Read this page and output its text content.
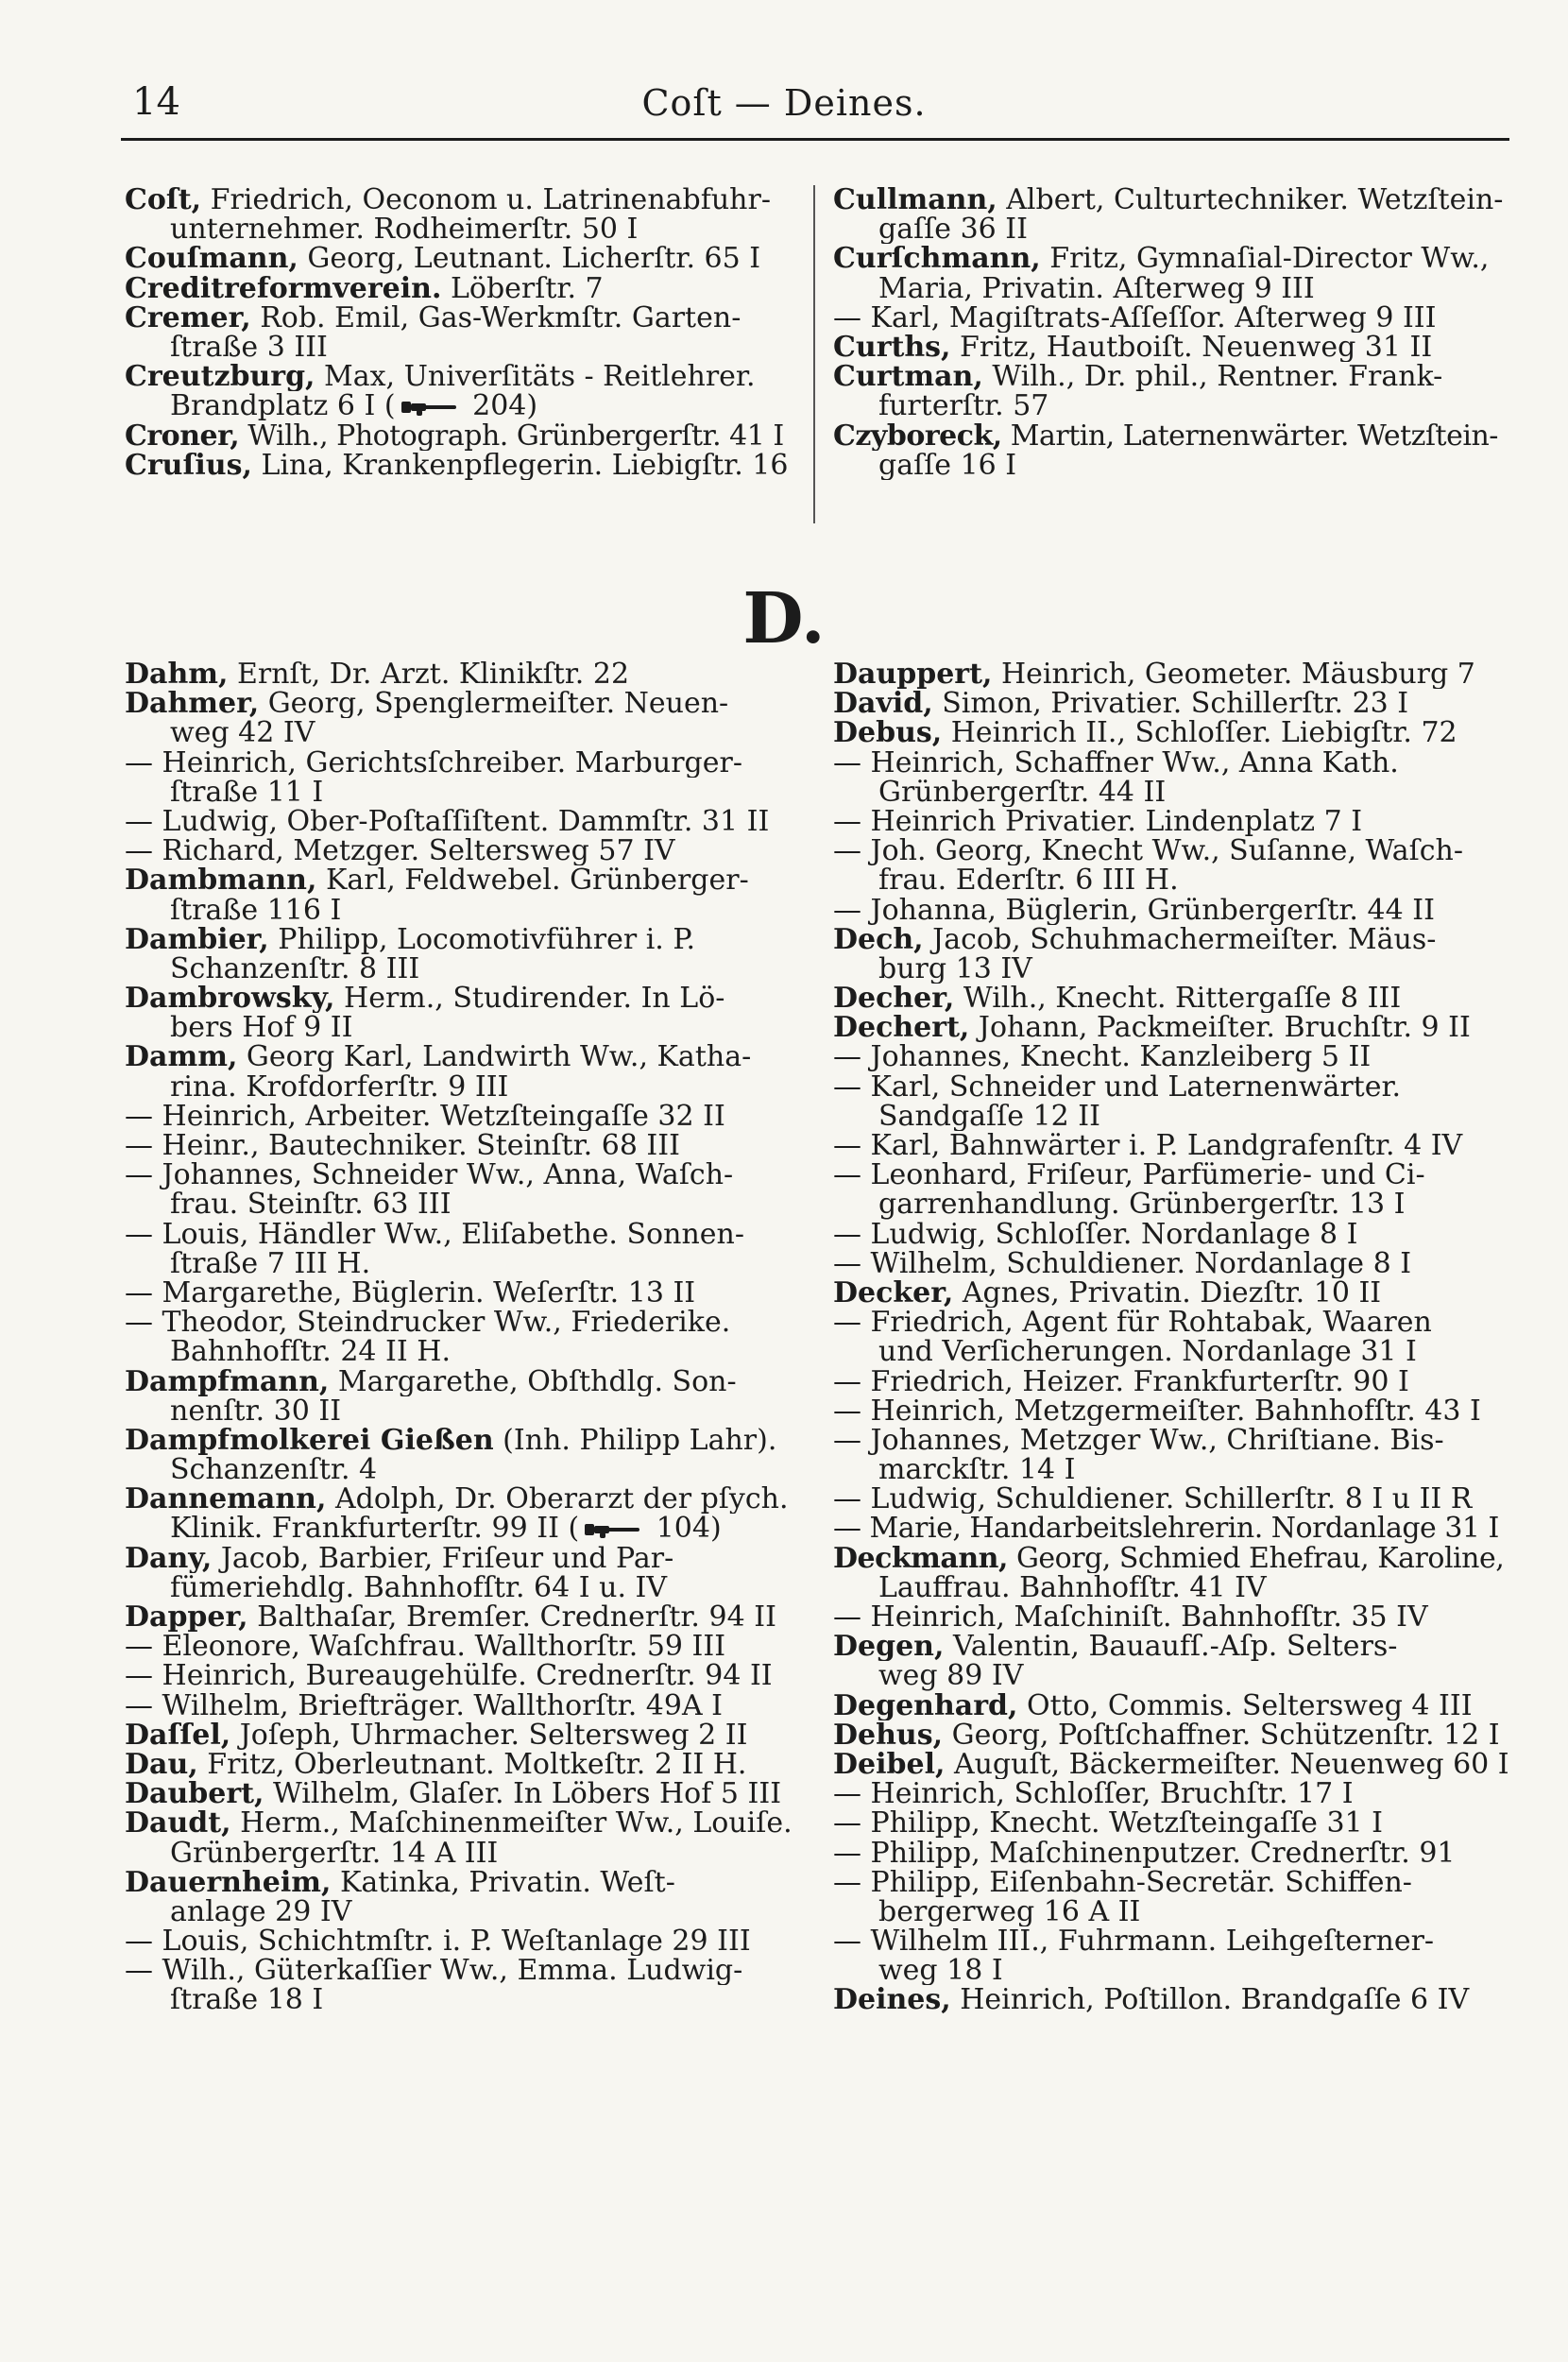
14	Coſt — Deines.
Coſt, Friedrich, Oeconom u. Latrinenabfuhr-
unternehmer. Rodheimerſtr. 50 I
Couſmann, Georg, Leutnant. Licherſtr. 65 I
Creditreformverein. Löberſtr. 7
Cremer, Rob. Emil, Gas-Werkmſtr. Garten-
ſtraße 3 III
Creutzburg, Max, Univerſitäts - Reitlehrer.
Brandplatz 6 I ( 204)
Croner, Wilh., Photograph. Grünbergerſtr. 41 I
Cruſius, Lina, Krankenpflegerin. Liebigſtr. 16
Cullmann, Albert, Culturtechniker. Wetzſtein-
gaſſe 36 II
Curſchmann, Fritz, Gymnaſial-Director Ww.,
Maria, Privatin. Aſterweg 9 III
— Karl, Magiſtrats-Aſſeſſor. Aſterweg 9 III
Curths, Fritz, Hautboiſt. Neuenweg 31 II
Curtman, Wilh., Dr. phil., Rentner. Frank-
furterſtr. 57
Czyboreck, Martin, Laternenwärter. Wetzſtein-
gaſſe 16 I
D.
Dahm, Ernſt, Dr. Arzt. Klinikſtr. 22
Dahmer, Georg, Spenglermeiſter. Neuen-
weg 42 IV
— Heinrich, Gerichtsſchreiber. Marburger-
ſtraße 11 I
— Ludwig, Ober-Poſtaſſiſtent. Dammſtr. 31 II
— Richard, Metzger. Seltersweg 57 IV
Dambmann, Karl, Feldwebel. Grünberger-
ſtraße 116 I
Dambier, Philipp, Locomotivführer i. P.
Schanzenſtr. 8 III
Dambrowsky, Herm., Studirender. In Lö-
bers Hof 9 II
Damm, Georg Karl, Landwirth Ww., Katha-
rina. Krofdorferſtr. 9 III
— Heinrich, Arbeiter. Wetzſteingaſſe 32 II
— Heinr., Bautechniker. Steinſtr. 68 III
— Johannes, Schneider Ww., Anna, Waſch-
frau. Steinſtr. 63 III
— Louis, Händler Ww., Eliſabethe. Sonnen-
ſtraße 7 III H.
— Margarethe, Büglerin. Weſerſtr. 13 II
— Theodor, Steindrucker Ww., Friederike.
Bahnhofſtr. 24 II H.
Dampfmann, Margarethe, Obſthdlg. Son-
nenſtr. 30 II
Dampfmolkerei Gießen (Inh. Philipp Lahr).
Schanzenſtr. 4
Dannemann, Adolph, Dr. Oberarzt der pſych.
Klinik. Frankfurterſtr. 99 II ( 104)
Dany, Jacob, Barbier, Friſeur und Par-
fümeriehdlg. Bahnhofſtr. 64 I u. IV
Dapper, Balthaſar, Bremſer. Crednerſtr. 94 II
— Eleonore, Waſchfrau. Wallthorſtr. 59 III
— Heinrich, Bureaugehülfe. Crednerſtr. 94 II
— Wilhelm, Briefträger. Wallthorſtr. 49A I
Daſſel, Joſeph, Uhrmacher. Seltersweg 2 II
Dau, Fritz, Oberleutnant. Moltkeſtr. 2 II H.
Daubert, Wilhelm, Glaſer. In Löbers Hof 5 III
Daudt, Herm., Maſchinenmeiſter Ww., Louiſe.
Grünbergerſtr. 14 A III
Dauernheim, Katinka, Privatin. Weſt-
anlage 29 IV
— Louis, Schichtmſtr. i. P. Weſtanlage 29 III
— Wilh., Güterkaſſier Ww., Emma. Ludwig-
ſtraße 18 I
Dauppert, Heinrich, Geometer. Mäusburg 7
David, Simon, Privatier. Schillerſtr. 23 I
Debus, Heinrich II., Schloſſer. Liebigſtr. 72
— Heinrich, Schaffner Ww., Anna Kath.
Grünbergerſtr. 44 II
— Heinrich Privatier. Lindenplatz 7 I
— Joh. Georg, Knecht Ww., Suſanne, Waſch-
frau. Ederſtr. 6 III H.
— Johanna, Büglerin, Grünbergerſtr. 44 II
Dech, Jacob, Schuhmachermeiſter. Mäus-
burg 13 IV
Decher, Wilh., Knecht. Rittergaſſe 8 III
Dechert, Johann, Packmeiſter. Bruchſtr. 9 II
— Johannes, Knecht. Kanzleiberg 5 II
— Karl, Schneider und Laternenwärter.
Sandgaſſe 12 II
— Karl, Bahnwärter i. P. Landgrafenſtr. 4 IV
— Leonhard, Friſeur, Parfümerie- und Ci-
garrenhandlung. Grünbergerſtr. 13 I
— Ludwig, Schloſſer. Nordanlage 8 I
— Wilhelm, Schuldiener. Nordanlage 8 I
Decker, Agnes, Privatin. Diezſtr. 10 II
— Friedrich, Agent für Rohtabak, Waaren
und Verſicherungen. Nordanlage 31 I
— Friedrich, Heizer. Frankfurterſtr. 90 I
— Heinrich, Metzgermeiſter. Bahnhofſtr. 43 I
— Johannes, Metzger Ww., Chriſtiane. Bis-
marckſtr. 14 I
— Ludwig, Schuldiener. Schillerſtr. 8 I u II R
— Marie, Handarbeitslehrerin. Nordanlage 31 I
Deckmann, Georg, Schmied Ehefrau, Karoline,
Lauffrau. Bahnhofſtr. 41 IV
— Heinrich, Maſchiniſt. Bahnhofſtr. 35 IV
Degen, Valentin, Bauaufſ.-Aſp. Selters-
weg 89 IV
Degenhard, Otto, Commis. Seltersweg 4 III
Dehus, Georg, Poſtſchaffner. Schützenſtr. 12 I
Deibel, Auguſt, Bäckermeiſter. Neuenweg 60 I
— Heinrich, Schloſſer, Bruchſtr. 17 I
— Philipp, Knecht. Wetzſteingaſſe 31 I
— Philipp, Maſchinenputzer. Crednerſtr. 91
— Philipp, Eiſenbahn-Secretär. Schiffen-
bergerweg 16 A II
— Wilhelm III., Fuhrmann. Leihgeſterner-
weg 18 I
Deines, Heinrich, Poſtillon. Brandgaſſe 6 IV
